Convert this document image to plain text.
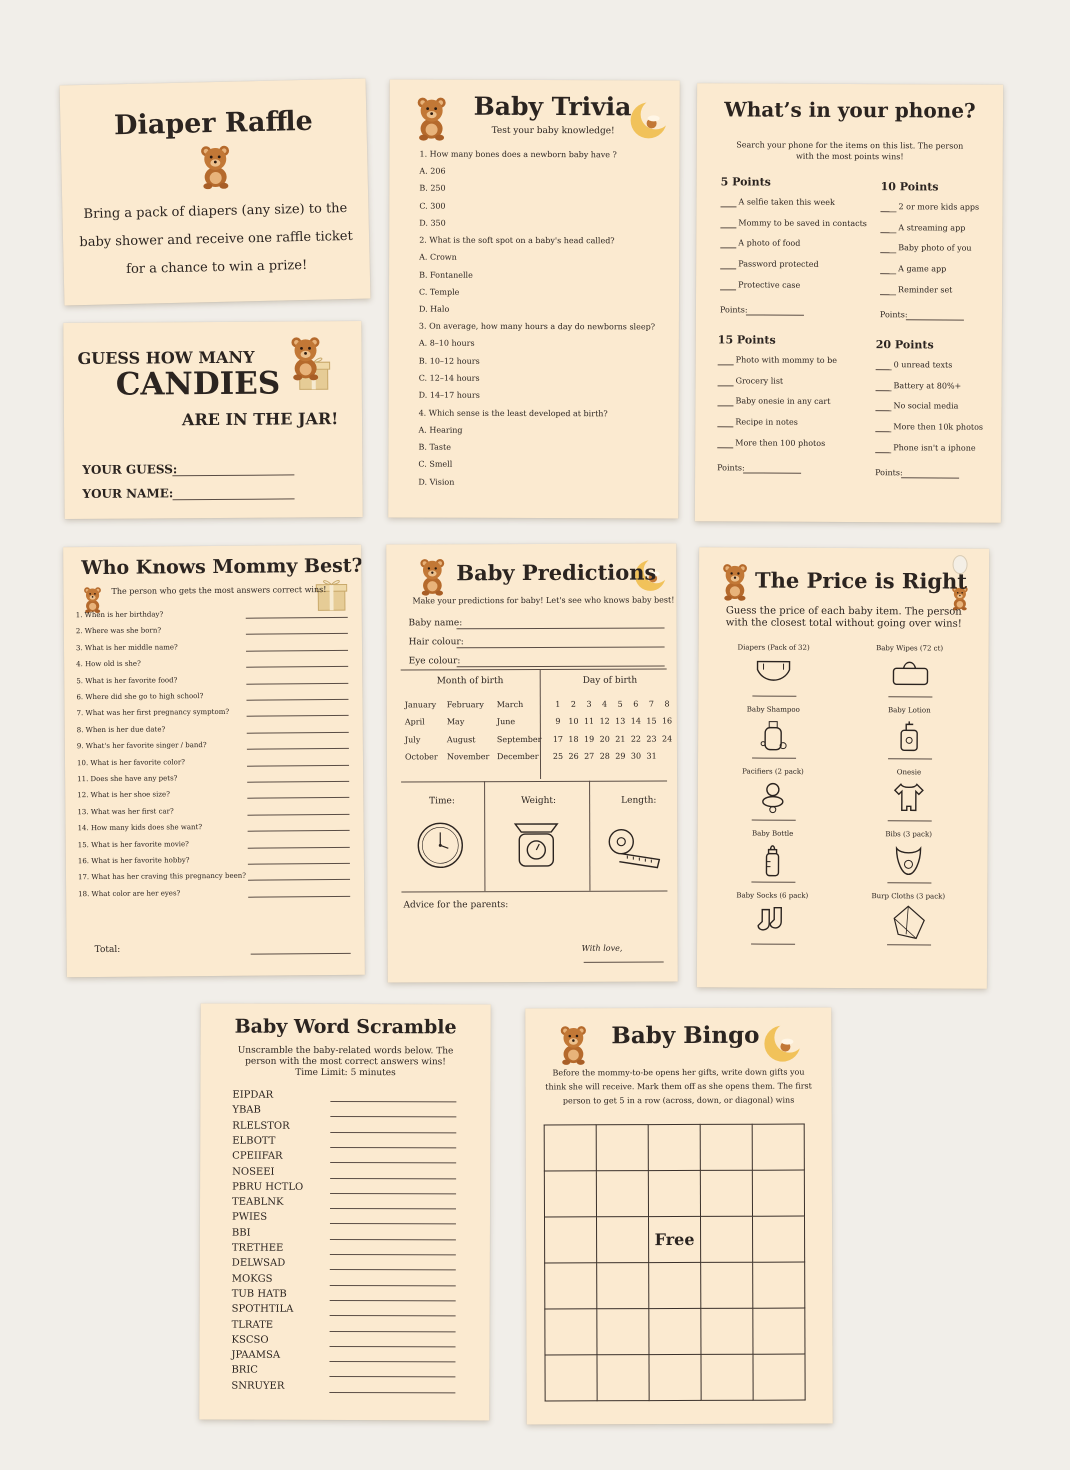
Diaper Raffle
Bring a pack of diapers (any size) to the
baby shower and receive one raffle ticket
for a chance to win a prize!
GUESS HOW MANY
CANDIES
ARE IN THE JAR!
YOUR GUESS:
YOUR NAME:
Baby Trivia
Test your baby knowledge!
1. How many bones does a newborn baby have ?
A. 206
B. 250
C. 300
D. 350
2. What is the soft spot on a baby's head called?
A. Crown
B. Fontanelle
C. Temple
D. Halo
3. On average, how many hours a day do newborns sleep?
A. 8–10 hours
B. 10–12 hours
C. 12–14 hours
D. 14–17 hours
4. Which sense is the least developed at birth?
A. Hearing
B. Taste
C. Smell
D. Vision
What’s in your phone?
Search your phone for the items on this list. The person
with the most points wins!
5 Points
A selfie taken this week
Mommy to be saved in contacts
A photo of food
Password protected
Protective case
Points:
10 Points
2 or more kids apps
A streaming app
Baby photo of you
A game app
Reminder set
Points:
15 Points
Photo with mommy to be
Grocery list
Baby onesie in any cart
Recipe in notes
More then 100 photos
Points:
20 Points
0 unread texts
Battery at 80%+
No social media
More then 10k photos
Phone isn't a iphone
Points:
Who Knows Mommy Best?
The person who gets the most answers correct wins!
1. When is her birthday?
2. Where was she born?
3. What is her middle name?
4. How old is she?
5. What is her favorite food?
6. Where did she go to high school?
7. What was her first pregnancy symptom?
8. When is her due date?
9. What's her favorite singer / band?
10. What is her favorite color?
11. Does she have any pets?
12. What is her shoe size?
13. What was her first car?
14. How many kids does she want?
15. What is her favorite movie?
16. What is her favorite hobby?
17. What has her craving this pregnancy been?
18. What color are her eyes?
Total:
Baby Predictions
Make your predictions for baby! Let's see who knows baby best!
Baby name:
Hair colour:
Eye colour:
Month of birth	Day of birth
January February March
April	May	June
July	August	September
October November December
1	2	3	4	5	6	7	8
9 10 11 12 13 14 15 16
17 18 19 20 21 22 23 24
25 26 27 28 29 30 31
Time:	Weight:	Length:
Advice for the parents:
With love,
The Price is Right
Guess the price of each baby item. The person
with the closest total without going over wins!
Diapers (Pack of 32)	Baby Wipes (72 ct)
Baby Shampoo	Baby Lotion
Pacifiers (2 pack)	Onesie
Baby Bottle	Bibs (3 pack)
Baby Socks (6 pack)	Burp Cloths (3 pack)
Baby Word Scramble
Unscramble the baby-related words below. The
person with the most correct answers wins!
Time Limit: 5 minutes
EIPDAR
YBAB
RLELSTOR
ELBOTT
CPEIIFAR
NOSEEI
PBRU HCTLO
TEABLNK
PWIES
BBI
TRETHEE
DELWSAD
MOKGS
TUB HATB
SPOTHTILA
TLRATE
KSCSO
JPAAMSA
BRIC
SNRUYER
Baby Bingo
Before the mommy-to-be opens her gifts, write down gifts you
think she will receive. Mark them off as she opens them. The first
person to get 5 in a row (across, down, or diagonal) wins

		Free		
